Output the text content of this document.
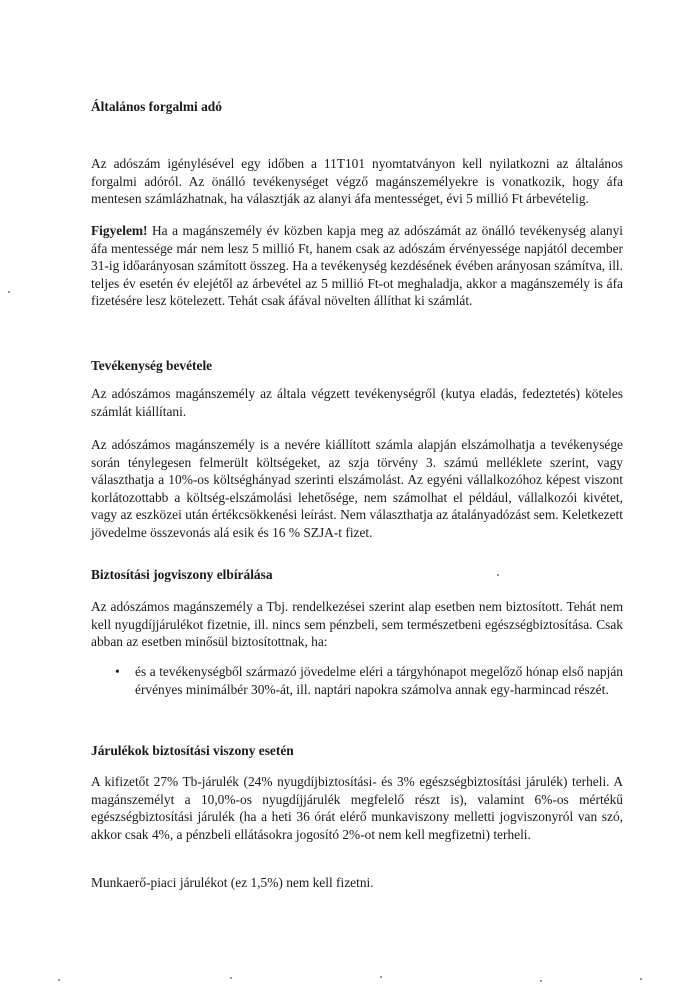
Általános forgalmi adó

Az adószám igénylésével egy időben a 11T101 nyomtatványon kell nyilatkozni az általános forgalmi adóról. Az önálló tevékenységet végző magánszemélyekre is vonatkozik, hogy áfa mentesen számlázhatnak, ha választják az alanyi áfa mentességet, évi 5 millió Ft árbevételig.

Figyelem! Ha a magánszemély év közben kapja meg az adószámát az önálló tevékenység alanyi áfa mentessége már nem lesz 5 millió Ft, hanem csak az adószám érvényessége napjától december 31-ig időarányosan számított összeg. Ha a tevékenység kezdésének évében arányosan számítva, ill. teljes év esetén év elejétől az árbevétel az 5 millió Ft-ot meghaladja, akkor a magánszemély is áfa fizetésére lesz kötelezett. Tehát csak áfával növelten állíthat ki számlát.

Tevékenység bevétele

Az adószámos magánszemély az általa végzett tevékenységről (kutya eladás, fedeztetés) köteles számlát kiállítani.

Az adószámos magánszemély is a nevére kiállított számla alapján elszámolhatja a tevékenysége során ténylegesen felmerült költségeket, az szja törvény 3. számú melléklete szerint, vagy választhatja a 10%-os költséghányad szerinti elszámolást. Az egyéni vállalkozóhoz képest viszont korlátozottabb a költség-elszámolási lehetősége, nem számolhat el például, vállalkozói kivétet, vagy az eszközei után értékcsökkenési leírást. Nem választhatja az átalányadózást sem. Keletkezett jövedelme összevonás alá esik és 16 % SZJA-t fizet.

Biztosítási jogviszony elbírálása

Az adószámos magánszemély a Tbj. rendelkezései szerint alap esetben nem biztosított. Tehát nem kell nyugdíjjárulékot fizetnie, ill. nincs sem pénzbeli, sem természetbeni egészségbiztosítása. Csak abban az esetben minősül biztosítottnak, ha:

•	és a tevékenységből származó jövedelme eléri a tárgyhónapot megelőző hónap első napján érvényes minimálbér 30%-át, ill. naptári napokra számolva annak egy-harmincad részét.

Járulékok biztosítási viszony esetén

A kifizetőt 27% Tb-járulék (24% nyugdíjbiztosítási- és 3% egészségbiztosítási járulék) terheli. A magánszemélyt a 10,0%-os nyugdíjjárulék megfelelő részt is), valamint 6%-os mértékű egészségbiztosítási járulék (ha a heti 36 órát elérő munkaviszony melletti jogviszonyról van szó, akkor csak 4%, a pénzbeli ellátásokra jogosító 2%-ot nem kell megfizetni) terheli.

Munkaerő-piaci járulékot (ez 1,5%) nem kell fizetni.
